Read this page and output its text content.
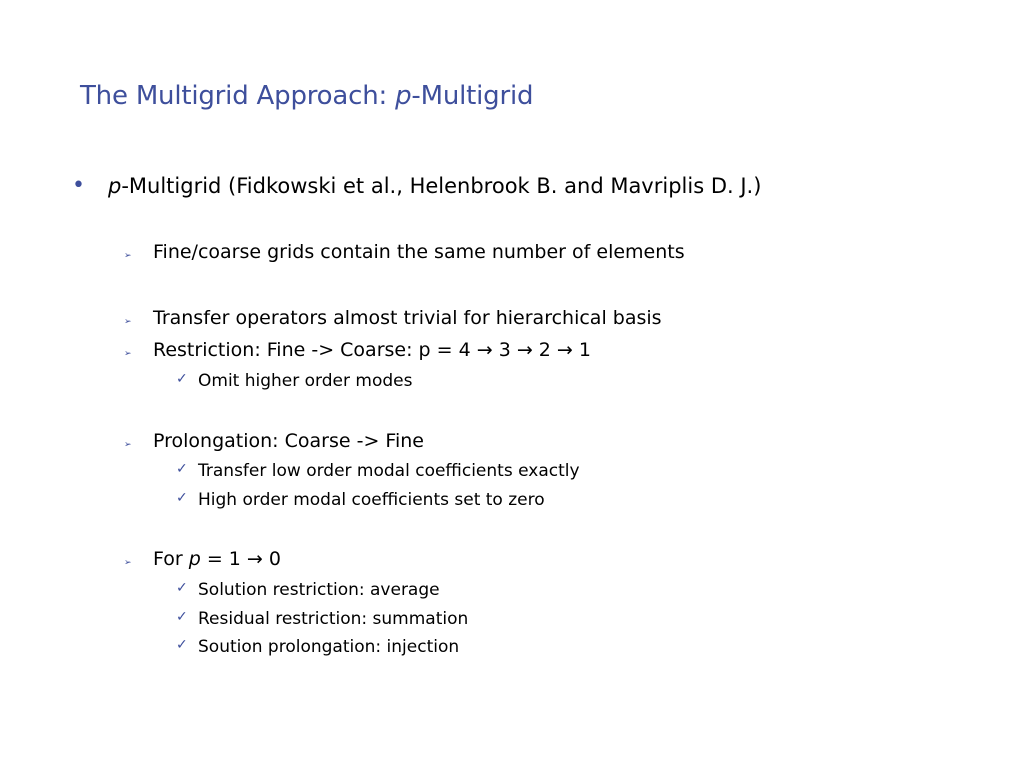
The Multigrid Approach: p-Multigrid
• p-Multigrid (Fidkowski et al., Helenbrook B. and Mavriplis D. J.)
➢ Fine/coarse grids contain the same number of elements
➢ Transfer operators almost trivial for hierarchical basis
➢ Restriction: Fine -> Coarse: p = 4 → 3 → 2 → 1
✓ Omit higher order modes
➢ Prolongation: Coarse -> Fine
✓ Transfer low order modal coefficients exactly
✓ High order modal coefficients set to zero
➢ For p = 1 → 0
✓ Solution restriction: average
✓ Residual restriction: summation
✓ Soution prolongation: injection
